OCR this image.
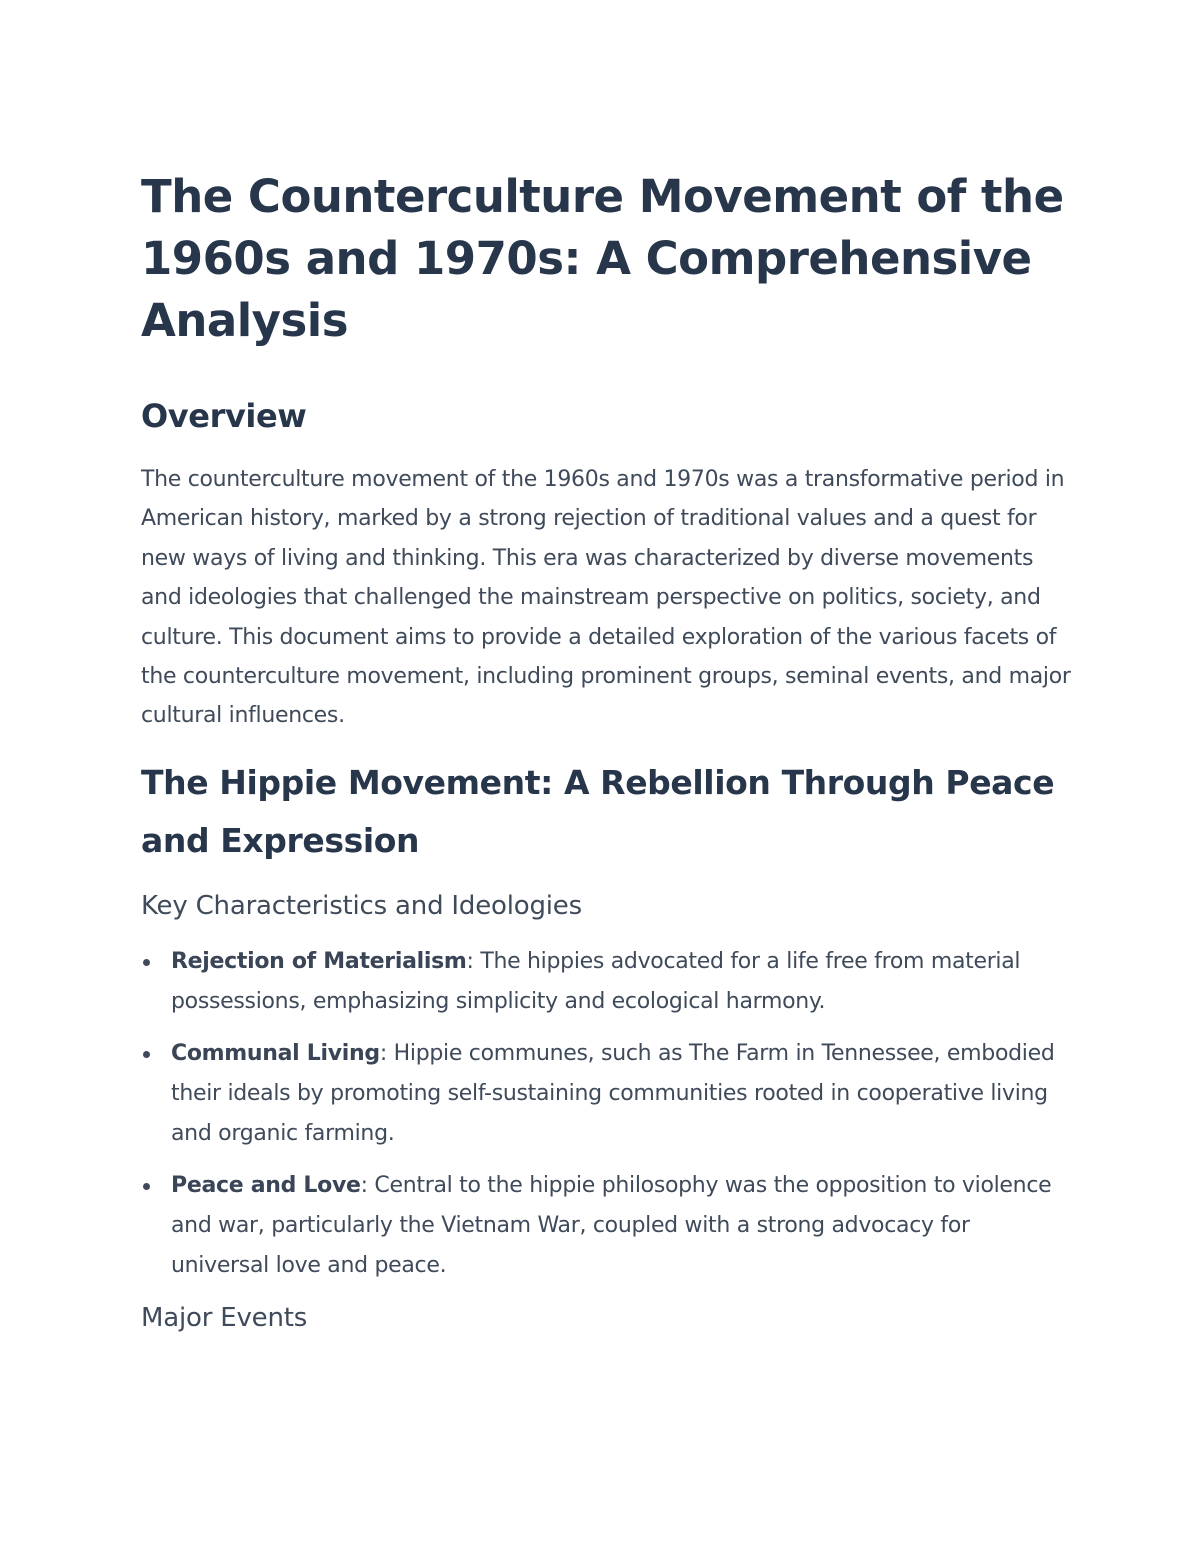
The Counterculture Movement of the 1960s and 1970s: A Comprehensive Analysis
Overview

The counterculture movement of the 1960s and 1970s was a transformative period in American history, marked by a strong rejection of traditional values and a quest for new ways of living and thinking. This era was characterized by diverse movements and ideologies that challenged the mainstream perspective on politics, society, and culture. This document aims to provide a detailed exploration of the various facets of the counterculture movement, including prominent groups, seminal events, and major cultural influences.

The Hippie Movement: A Rebellion Through Peace and Expression
Key Characteristics and Ideologies
Rejection of Materialism: The hippies advocated for a life free from material possessions, emphasizing simplicity and ecological harmony.
Communal Living: Hippie communes, such as The Farm in Tennessee, embodied their ideals by promoting self-sustaining communities rooted in cooperative living and organic farming.
Peace and Love: Central to the hippie philosophy was the opposition to violence and war, particularly the Vietnam War, coupled with a strong advocacy for universal love and peace.
Major Events
